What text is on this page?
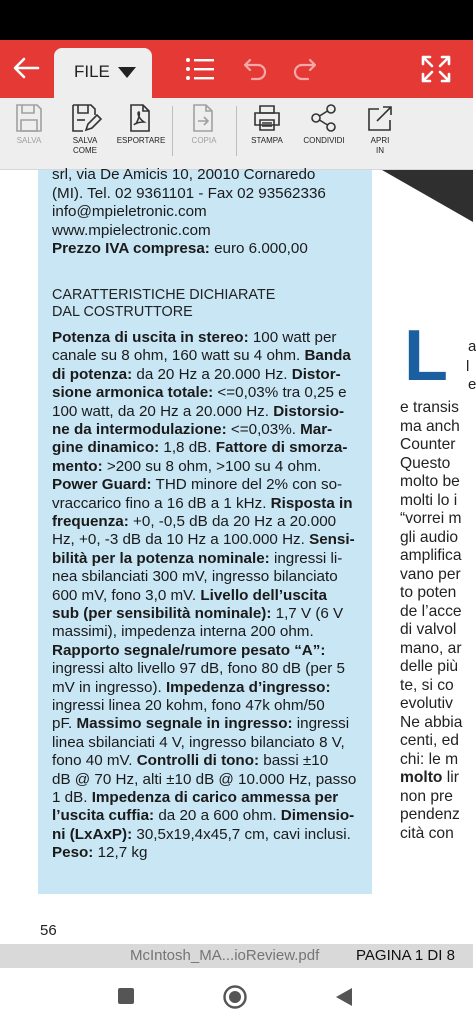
FILE
SALVA	SALVA
COME
ESPORTARE	COPIA	STAMPA	CONDIVIDI	APRI
IN
srl, via De Amicis 10, 20010 Cornaredo
(MI). Tel. 02 9361101 - Fax 02 93562336
info@mpieletronic.com
www.mpielectronic.com
Prezzo IVA compresa: euro 6.000,00
CARATTERISTICHE DICHIARATE
DAL COSTRUTTORE
Potenza di uscita in stereo: 100 watt per
canale su 8 ohm, 160 watt su 4 ohm. Banda
di potenza: da 20 Hz a 20.000 Hz. Distor-
sione armonica totale: <=0,03% tra 0,25 e
100 watt, da 20 Hz a 20.000 Hz. Distorsio-
ne da intermodulazione: <=0,03%. Mar-
gine dinamico: 1,8 dB. Fattore di smorza-
mento: >200 su 8 ohm, >100 su 4 ohm.
Power Guard: THD minore del 2% con so-
vraccarico fino a 16 dB a 1 kHz. Risposta in
frequenza: +0, -0,5 dB da 20 Hz a 20.000
Hz, +0, -3 dB da 10 Hz a 100.000 Hz. Sensi-
bilità per la potenza nominale: ingressi li-
nea sbilanciati 300 mV, ingresso bilanciato
600 mV, fono 3,0 mV. Livello dell’uscita
sub (per sensibilità nominale): 1,7 V (6 V
massimi), impedenza interna 200 ohm.
Rapporto segnale/rumore pesato “A”:
ingressi alto livello 97 dB, fono 80 dB (per 5
mV in ingresso). Impedenza d’ingresso:
ingressi linea 20 kohm, fono 47k ohm/50
pF. Massimo segnale in ingresso: ingressi
linea sbilanciati 4 V, ingresso bilanciato 8 V,
fono 40 mV. Controlli di tono: bassi ±10
dB @ 70 Hz, alti ±10 dB @ 10.000 Hz, passo
1 dB. Impedenza di carico ammessa per
l’uscita cuffia: da 20 a 600 ohm. Dimensio-
ni (LxAxP): 30,5x19,4x45,7 cm, cavi inclusi.
Peso: 12,7 kg
L a
l
e
e transis
ma anch
Counter
Questo
molto be
molti lo i
“vorrei m
gli audio
amplifica
vano per
to poten
de l’acce
di valvol
mano, ar
delle più
te, si co
evolutiv
Ne abbia
centi, ed
chi: le m
molto lir
non pre
pendenz
cità con
56
McIntosh_MA...ioReview.pdf PAGINA 1 DI 8
